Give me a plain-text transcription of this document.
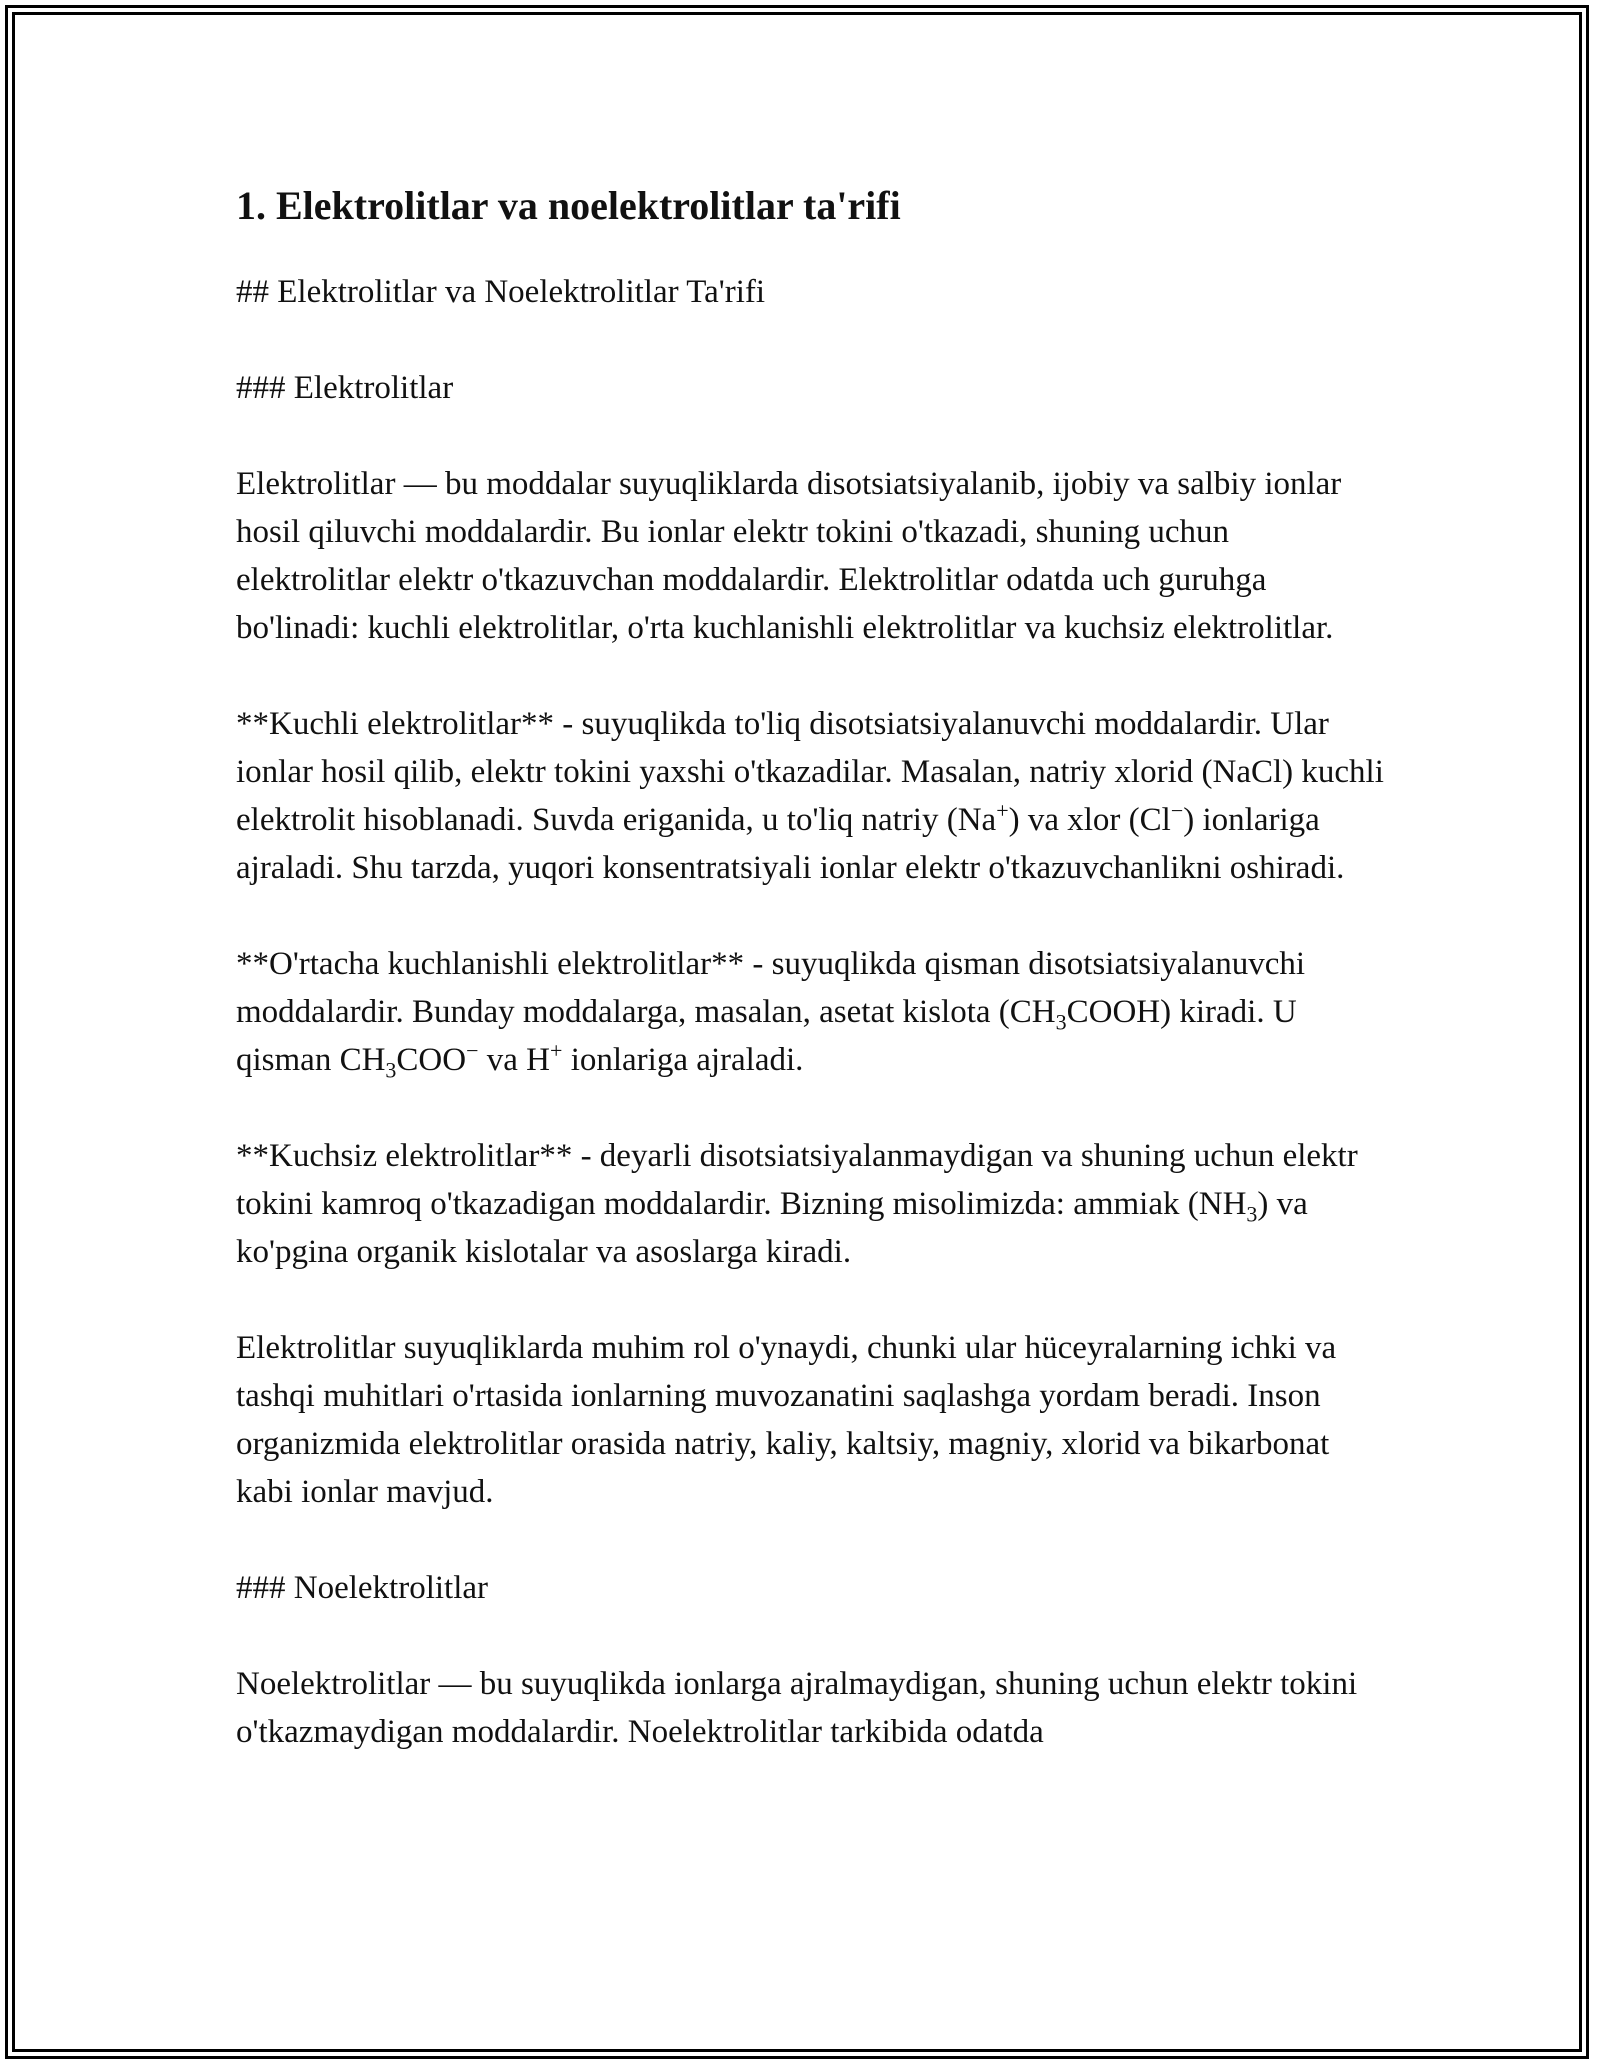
1. Elektrolitlar va noelektrolitlar ta'rifi

## Elektrolitlar va Noelektrolitlar Ta'rifi

### Elektrolitlar

Elektrolitlar — bu moddalar suyuqliklarda disotsiatsiyalanib, ijobiy va salbiy ionlar hosil qiluvchi moddalardir. Bu ionlar elektr tokini o'tkazadi, shuning uchun elektrolitlar elektr o'tkazuvchan moddalardir. Elektrolitlar odatda uch guruhga bo'linadi: kuchli elektrolitlar, o'rta kuchlanishli elektrolitlar va kuchsiz elektrolitlar.

**Kuchli elektrolitlar** - suyuqlikda to'liq disotsiatsiyalanuvchi moddalardir. Ular ionlar hosil qilib, elektr tokini yaxshi o'tkazadilar. Masalan, natriy xlorid (NaCl) kuchli elektrolit hisoblanadi. Suvda eriganida, u to'liq natriy (Na+) va xlor (Cl−) ionlariga ajraladi. Shu tarzda, yuqori konsentratsiyali ionlar elektr o'tkazuvchanlikni oshiradi.

**O'rtacha kuchlanishli elektrolitlar** - suyuqlikda qisman disotsiatsiyalanuvchi moddalardir. Bunday moddalarga, masalan, asetat kislota $(CH_3COOH)$ kiradi. U qisman $CH_3COO^-$ va H+ ionlariga ajraladi.

**Kuchsiz elektrolitlar** - deyarli disotsiatsiyalanmaydigan va shuning uchun elektr tokini kamroq o'tkazadigan moddalardir. Bizning misolimizda: ammiak $(NH_3)$ va ko'pgina organik kislotalar va asoslarga kiradi.

Elektrolitlar suyuqliklarda muhim rol o'ynaydi, chunki ular hüceyralarning ichki va tashqi muhitlari o'rtasida ionlarning muvozanatini saqlashga yordam beradi. Inson organizmida elektrolitlar orasida natriy, kaliy, kaltsiy, magniy, xlorid va bikarbonat kabi ionlar mavjud.

### Noelektrolitlar

Noelektrolitlar — bu suyuqlikda ionlarga ajralmaydigan, shuning uchun elektr tokini o'tkazmaydigan moddalardir. Noelektrolitlar tarkibida odatda
